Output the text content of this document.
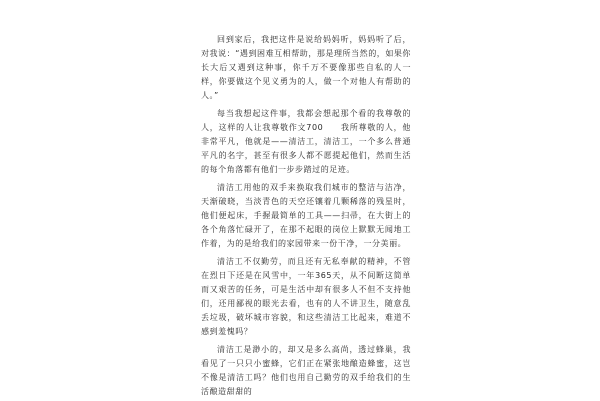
回到家后，我把这件是说给妈妈听，妈妈听了后，对我说：“遇到困难互相帮助，那是理所当然的，如果你长大后又遇到这种事，你千万不要像那些自私的人一样，你要做这个见义勇为的人，做一个对他人有帮助的人。”

每当我想起这件事，我都会想起那个看的我尊敬的人，这样的人让我尊敬作文700　　我所尊敬的人，他非常平凡，他就是——清洁工，清洁工，一个多么普通平凡的名字，甚至有很多人都不愿提起他们，然而生活的每个角落都有他们一步步踏过的足迹。

清洁工用他的双手来换取我们城市的整洁与洁净，天渐破晓，当淡青色的天空还镶着几颗稀落的残星时，他们便起床，手握最简单的工具——扫帚，在大街上的各个角落忙碌开了，在那不起眼的岗位上默默无闻地工作着，为的是给我们的家园带来一份干净，一分美丽。

清洁工不仅勤劳，而且还有无私奉献的精神，不管在烈日下还是在风雪中，一年365天，从不间断这简单而又艰苦的任务，可是生活中却有很多人不但不支持他们，还用鄙视的眼光去看，也有的人不讲卫生，随意乱丢垃圾，破坏城市容貌，和这些清洁工比起来，难道不感到羞愧吗？

清洁工是渺小的，却又是多么高尚，透过蜂巢，我看见了一只只小蜜蜂，它们正在紧张地酿造蜂蜜，这岂不像是清洁工吗？他们也用自己勤劳的双手给我们的生活酿造甜甜的
